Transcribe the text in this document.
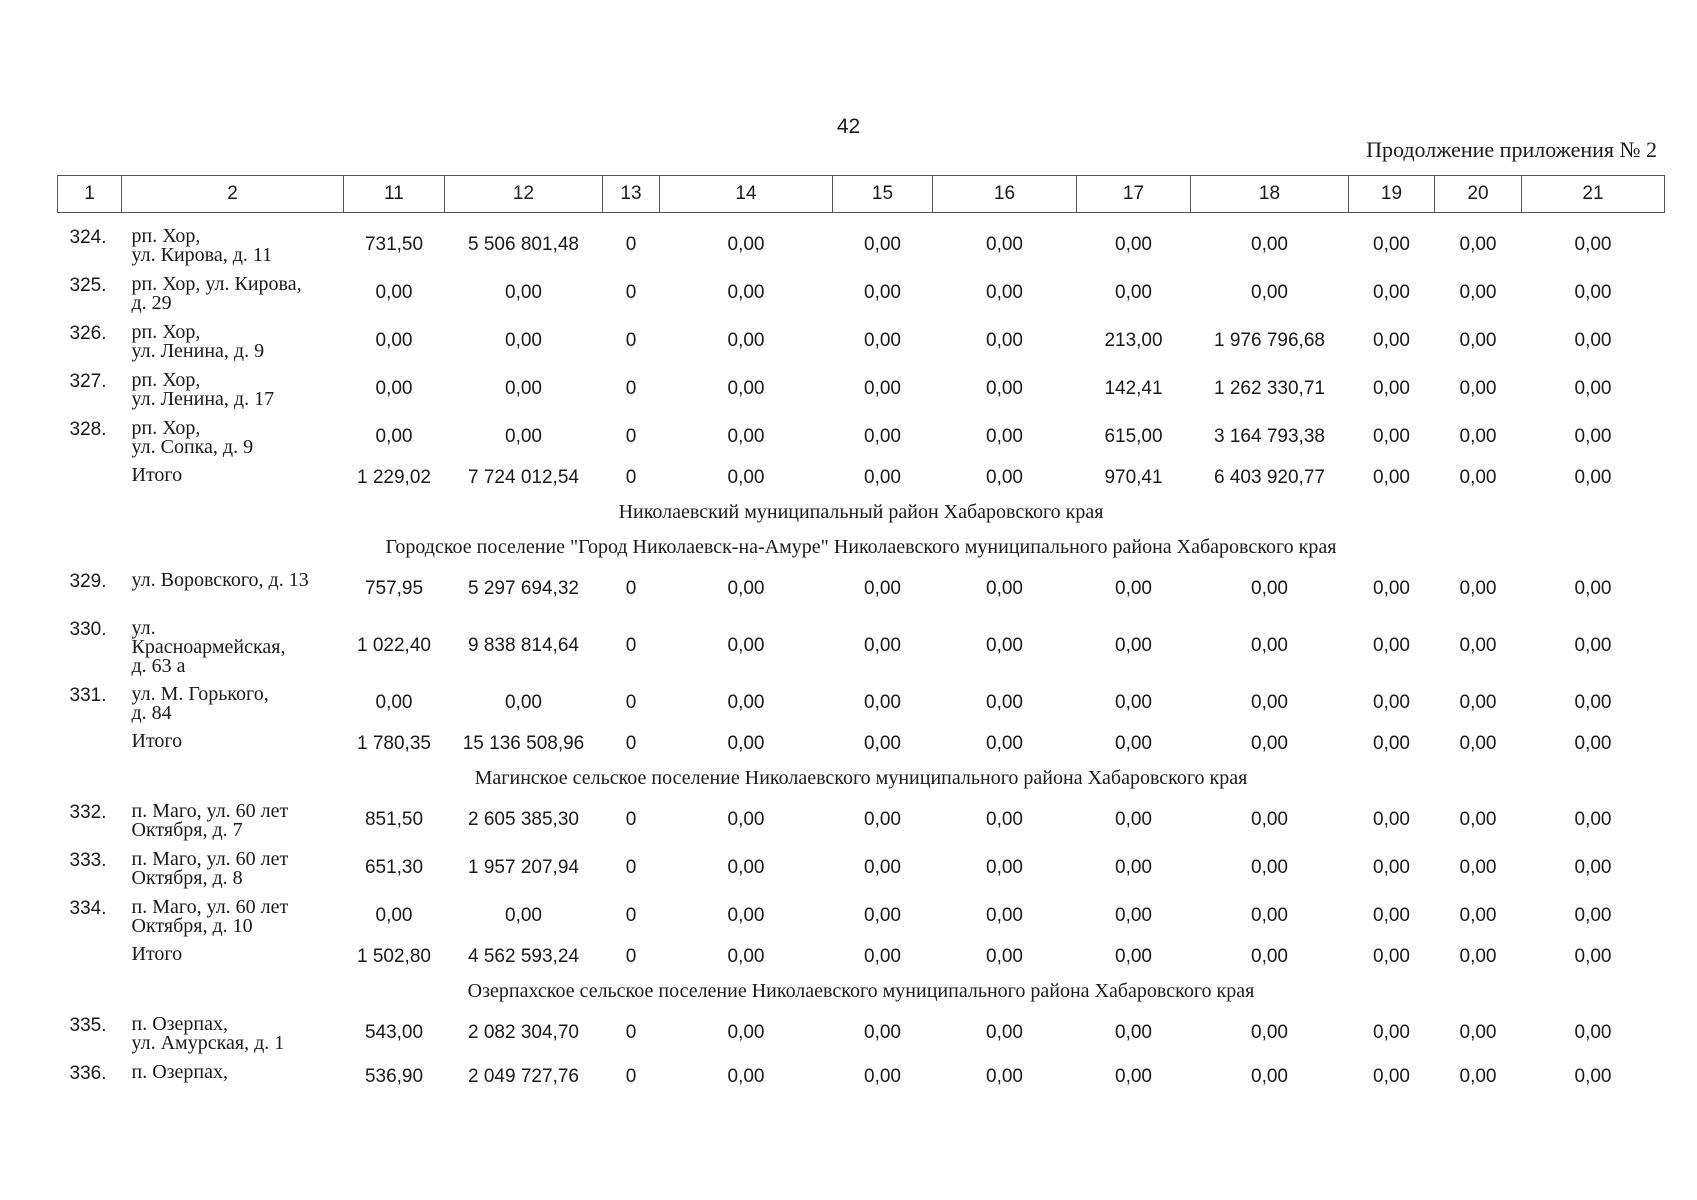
42
Продолжение приложения № 2
1	2	11	12	13	14	15	16	17	18	19	20	21

324.	рп. Хор,
ул. Кирова, д. 11	731,50	5 506 801,48	0	0,00	0,00	0,00	0,00	0,00	0,00	0,00	0,00
325.	рп. Хор, ул. Кирова,
д. 29	0,00	0,00	0	0,00	0,00	0,00	0,00	0,00	0,00	0,00	0,00
326.	рп. Хор,
ул. Ленина, д. 9	0,00	0,00	0	0,00	0,00	0,00	213,00	1 976 796,68	0,00	0,00	0,00
327.	рп. Хор,
ул. Ленина, д. 17	0,00	0,00	0	0,00	0,00	0,00	142,41	1 262 330,71	0,00	0,00	0,00
328.	рп. Хор,
ул. Сопка, д. 9	0,00	0,00	0	0,00	0,00	0,00	615,00	3 164 793,38	0,00	0,00	0,00
	Итого	1 229,02	7 724 012,54	0	0,00	0,00	0,00	970,41	6 403 920,77	0,00	0,00	0,00
Николаевский муниципальный район Хабаровского края												
Городское поселение "Город Николаевск-на-Амуре" Николаевского муниципального района Хабаровского края												
329.	ул. Воровского, д. 13	757,95	5 297 694,32	0	0,00	0,00	0,00	0,00	0,00	0,00	0,00	0,00
330.	ул.
Красноармейская,
д. 63 а	1 022,40	9 838 814,64	0	0,00	0,00	0,00	0,00	0,00	0,00	0,00	0,00
331.	ул. М. Горького,
д. 84	0,00	0,00	0	0,00	0,00	0,00	0,00	0,00	0,00	0,00	0,00
	Итого	1 780,35	15 136 508,96	0	0,00	0,00	0,00	0,00	0,00	0,00	0,00	0,00
Магинское сельское поселение Николаевского муниципального района Хабаровского края												
332.	п. Маго, ул. 60 лет
Октября, д. 7	851,50	2 605 385,30	0	0,00	0,00	0,00	0,00	0,00	0,00	0,00	0,00
333.	п. Маго, ул. 60 лет
Октября, д. 8	651,30	1 957 207,94	0	0,00	0,00	0,00	0,00	0,00	0,00	0,00	0,00
334.	п. Маго, ул. 60 лет
Октября, д. 10	0,00	0,00	0	0,00	0,00	0,00	0,00	0,00	0,00	0,00	0,00
	Итого	1 502,80	4 562 593,24	0	0,00	0,00	0,00	0,00	0,00	0,00	0,00	0,00
Озерпахское сельское поселение Николаевского муниципального района Хабаровского края												
335.	п. Озерпах,
ул. Амурская, д. 1	543,00	2 082 304,70	0	0,00	0,00	0,00	0,00	0,00	0,00	0,00	0,00
336.	п. Озерпах,	536,90	2 049 727,76	0	0,00	0,00	0,00	0,00	0,00	0,00	0,00	0,00
